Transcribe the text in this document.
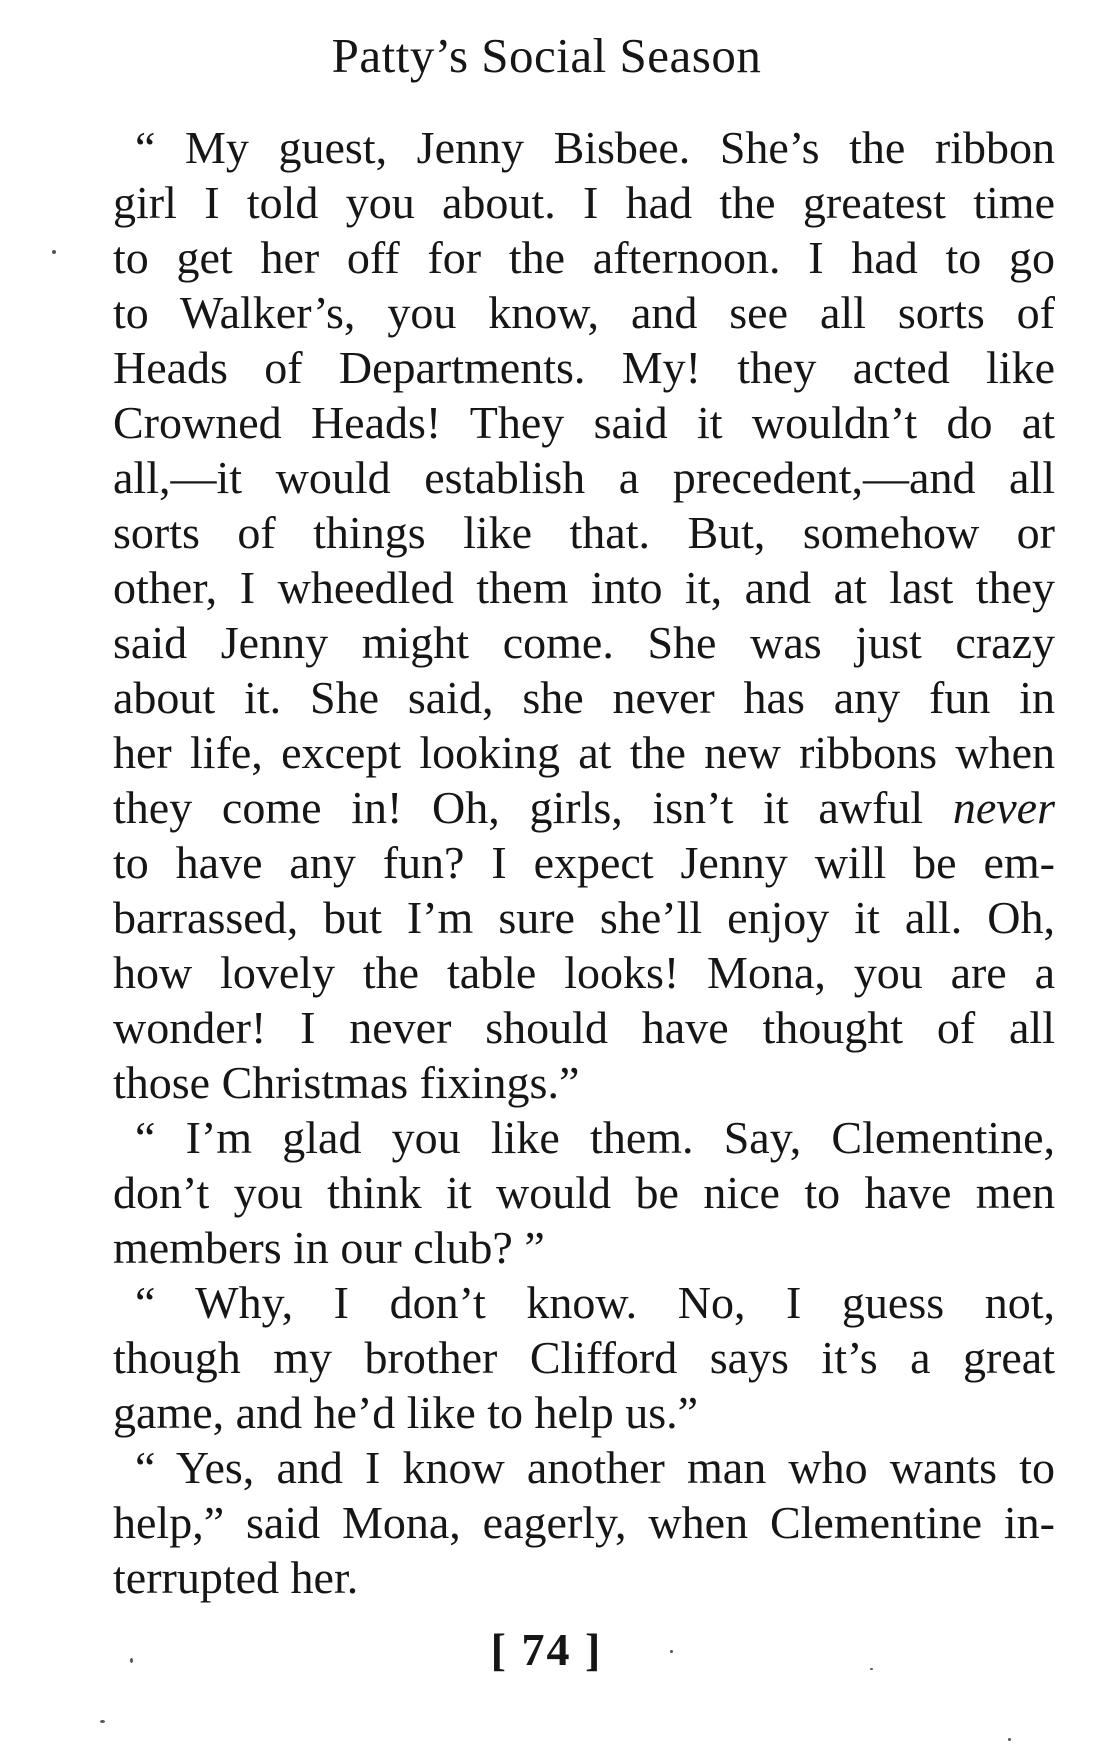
Patty’s Social Season
“ My guest, Jenny Bisbee. She’s the ribbon
girl I told you about. I had the greatest time
to get her off for the afternoon. I had to go
to Walker’s, you know, and see all sorts of
Heads of Departments. My! they acted like
Crowned Heads! They said it wouldn’t do at
all,—it would establish a precedent,—and all
sorts of things like that. But, somehow or
other, I wheedled them into it, and at last they
said Jenny might come. She was just crazy
about it. She said, she never has any fun in
her life, except looking at the new ribbons when
they come in! Oh, girls, isn’t it awful never
to have any fun? I expect Jenny will be em-
barrassed, but I’m sure she’ll enjoy it all. Oh,
how lovely the table looks! Mona, you are a
wonder! I never should have thought of all
those Christmas fixings.”
“ I’m glad you like them. Say, Clementine,
don’t you think it would be nice to have men
members in our club? ”
“ Why, I don’t know. No, I guess not,
though my brother Clifford says it’s a great
game, and he’d like to help us.”
“ Yes, and I know another man who wants to
help,” said Mona, eagerly, when Clementine in-
terrupted her.
[ 74 ]
